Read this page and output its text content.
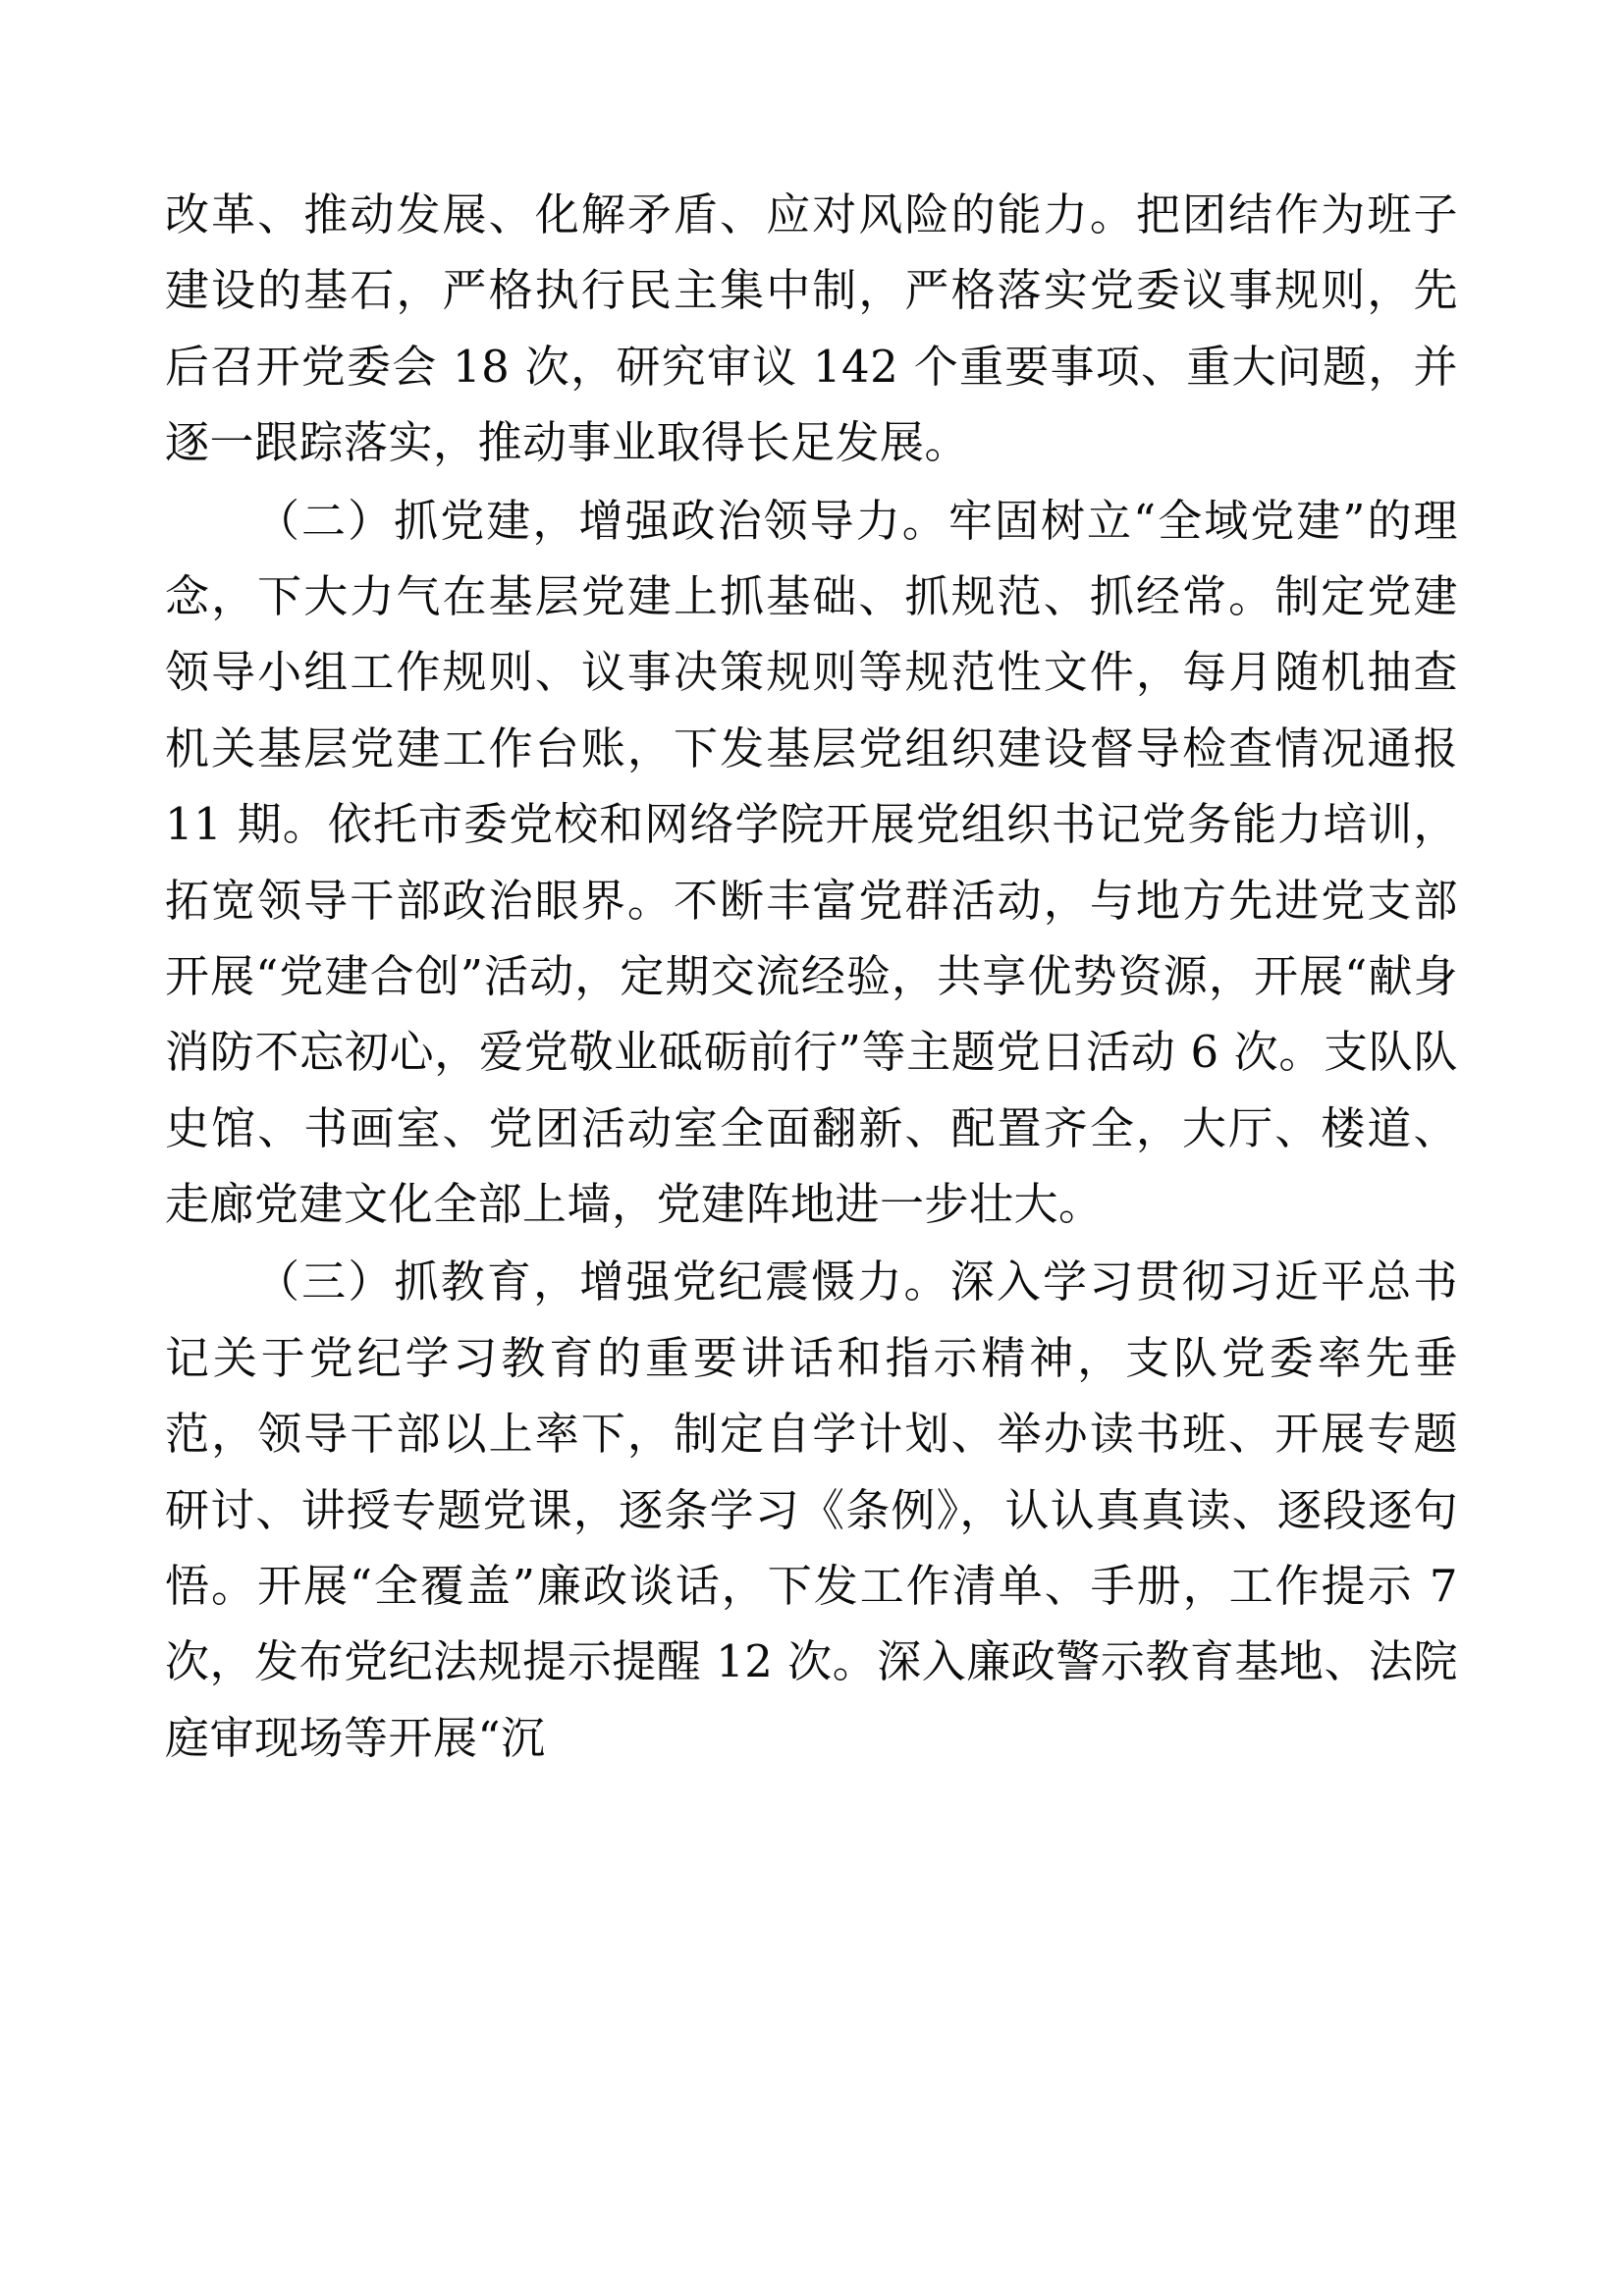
改革、推动发展、化解矛盾、应对风险的能力。把团结作为班子建设的基石，严格执行民主集中制，严格落实党委议事规则，先后召开党委会 18 次，研究审议 142 个重要事项、重大问题，并逐一跟踪落实，推动事业取得长足发展。

（二）抓党建，增强政治领导力。牢固树立“全域党建”的理念，下大力气在基层党建上抓基础、抓规范、抓经常。制定党建领导小组工作规则、议事决策规则等规范性文件，每月随机抽查机关基层党建工作台账，下发基层党组织建设督导检查情况通报 11 期。依托市委党校和网络学院开展党组织书记党务能力培训，拓宽领导干部政治眼界。不断丰富党群活动，与地方先进党支部开展“党建合创”活动，定期交流经验，共享优势资源，开展“献身消防不忘初心，爱党敬业砥砺前行”等主题党日活动 6 次。支队队史馆、书画室、党团活动室全面翻新、配置齐全，大厅、楼道、走廊党建文化全部上墙，党建阵地进一步壮大。

（三）抓教育，增强党纪震慑力。深入学习贯彻习近平总书记关于党纪学习教育的重要讲话和指示精神，支队党委率先垂范，领导干部以上率下，制定自学计划、举办读书班、开展专题研讨、讲授专题党课，逐条学习《条例》，认认真真读、逐段逐句悟。开展“全覆盖”廉政谈话，下发工作清单、手册，工作提示 7 次，发布党纪法规提示提醒 12 次。深入廉政警示教育基地、法院庭审现场等开展“沉
